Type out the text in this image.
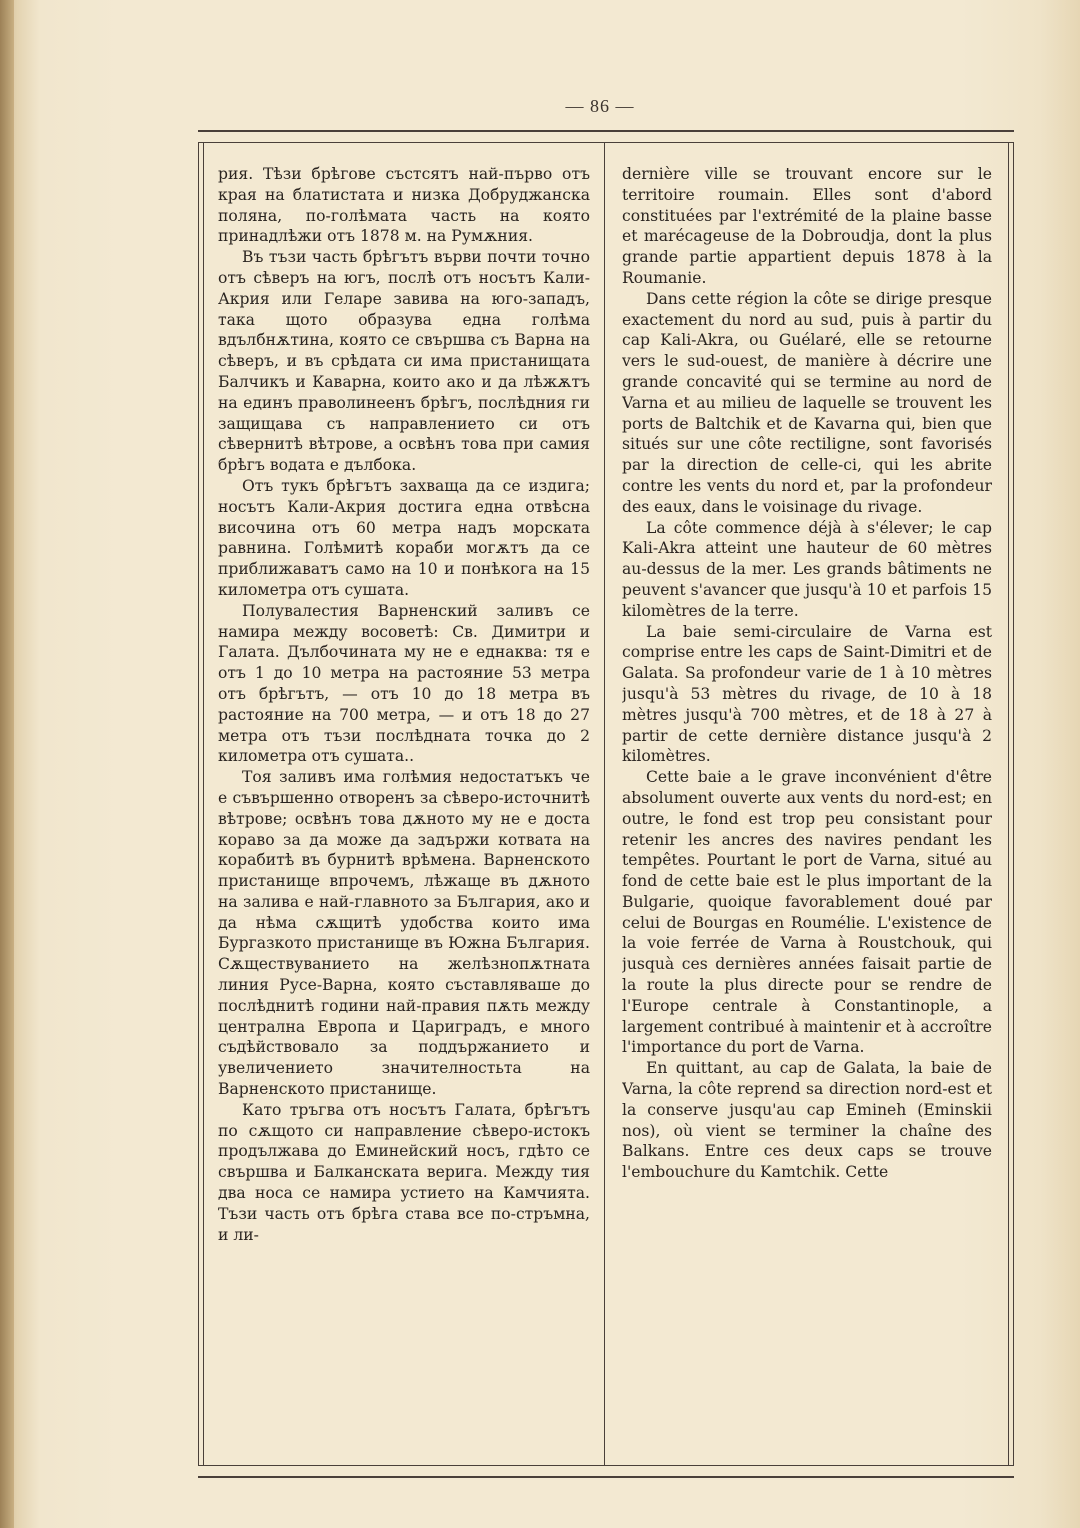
— 86 —

рия. Тѣзи брѣгове състсятъ най-първо отъ края на блатистата и низка Добруджанска поляна, по-голѣмата часть на която принадлѣжи отъ 1878 м. на Румѫния.

Въ тъзи часть брѣгътъ върви почти точно отъ сѣверъ на югъ, послѣ отъ носътъ Кали-Акрия или Геларе завива на юго-западъ, така щото образува една голѣма вдълбнѫтина, която се свършва съ Варна на сѣверъ, и въ срѣдата си има пристанищата Балчикъ и Каварна, които ако и да лѣжѫтъ на единъ праволинеенъ брѣгъ, послѣдния ги защищава съ направлението си отъ сѣвернитѣ вѣтрове, а освѣнъ това при самия брѣгъ водата е дълбока.

Отъ тукъ брѣгътъ захваща да се издига; носътъ Кали-Акрия достига една отвѣсна височина отъ 60 метра надъ морската равнина. Голѣмитѣ кораби могѫтъ да се приближаватъ само на 10 и понѣкога на 15 километра отъ сушата.

Полувалестия Варненский заливъ се намира между восоветѣ: Св. Димитри и Галата. Дълбочината му не е еднаква: тя е отъ 1 до 10 метра на растояние 53 метра отъ брѣгътъ, — отъ 10 до 18 метра въ растояние на 700 метра, — и отъ 18 до 27 метра отъ тъзи послѣдната точка до 2 километра отъ сушата..

Тоя заливъ има голѣмия недостатъкъ че е съвършенно отворенъ за сѣверо-источнитѣ вѣтрове; освѣнъ това дѫното му не е доста кораво за да може да задържи котвата на корабитѣ въ бурнитѣ врѣмена. Варненското пристанище впрочемъ, лѣжаще въ дѫното на залива е най-главното за България, ако и да нѣма сѫщитѣ удобства които има Бургазкото пристанище въ Южна България. Сѫществуванието на желѣзнопѫтната линия Русе-Варна, която съставляваше до послѣднитѣ години най-правия пѫть между централна Европа и Цариградъ, е много съдѣйствовало за поддържанието и увеличението значителностьта на Варненското пристанище.

Като тръгва отъ носътъ Галата, брѣгътъ по сѫщото си направление сѣверо-истокъ продължава до Еминейский носъ, гдѣто се свършва и Балканската верига. Между тия два носа се намира устието на Камчията. Тъзи часть отъ брѣга става все по-стръмна, и ли-

dernière ville se trouvant encore sur le territoire roumain. Elles sont d'abord constituées par l'extrémité de la plaine basse et marécageuse de la Dobroudja, dont la plus grande partie appartient depuis 1878 à la Roumanie.

Dans cette région la côte se dirige presque exactement du nord au sud, puis à partir du cap Kali-Akra, ou Guélaré, elle se retourne vers le sud-ouest, de manière à décrire une grande concavité qui se termine au nord de Varna et au milieu de laquelle se trouvent les ports de Baltchik et de Kavarna qui, bien que situés sur une côte rectiligne, sont favorisés par la direction de celle-ci, qui les abrite contre les vents du nord et, par la profondeur des eaux, dans le voisinage du rivage.

La côte commence déjà à s'élever; le cap Kali-Akra atteint une hauteur de 60 mètres au-dessus de la mer. Les grands bâtiments ne peuvent s'avancer que jusqu'à 10 et parfois 15 kilomètres de la terre.

La baie semi-circulaire de Varna est comprise entre les caps de Saint-Dimitri et de Galata. Sa profondeur varie de 1 à 10 mètres jusqu'à 53 mètres du rivage, de 10 à 18 mètres jusqu'à 700 mètres, et de 18 à 27 à partir de cette dernière distance jusqu'à 2 kilomètres.

Cette baie a le grave inconvénient d'être absolument ouverte aux vents du nord-est; en outre, le fond est trop peu consistant pour retenir les ancres des navires pendant les tempêtes. Pourtant le port de Varna, situé au fond de cette baie est le plus important de la Bulgarie, quoique favorablement doué par celui de Bourgas en Roumélie. L'existence de la voie ferrée de Varna à Roustchouk, qui jusquà ces dernières années faisait partie de la route la plus directe pour se rendre de l'Europe centrale à Constantinople, a largement contribué à maintenir et à accroître l'importance du port de Varna.

En quittant, au cap de Galata, la baie de Varna, la côte reprend sa direction nord-est et la conserve jusqu'au cap Emineh (Eminskii nos), où vient se terminer la chaîne des Balkans. Entre ces deux caps se trouve l'embouchure du Kamtchik. Cette
